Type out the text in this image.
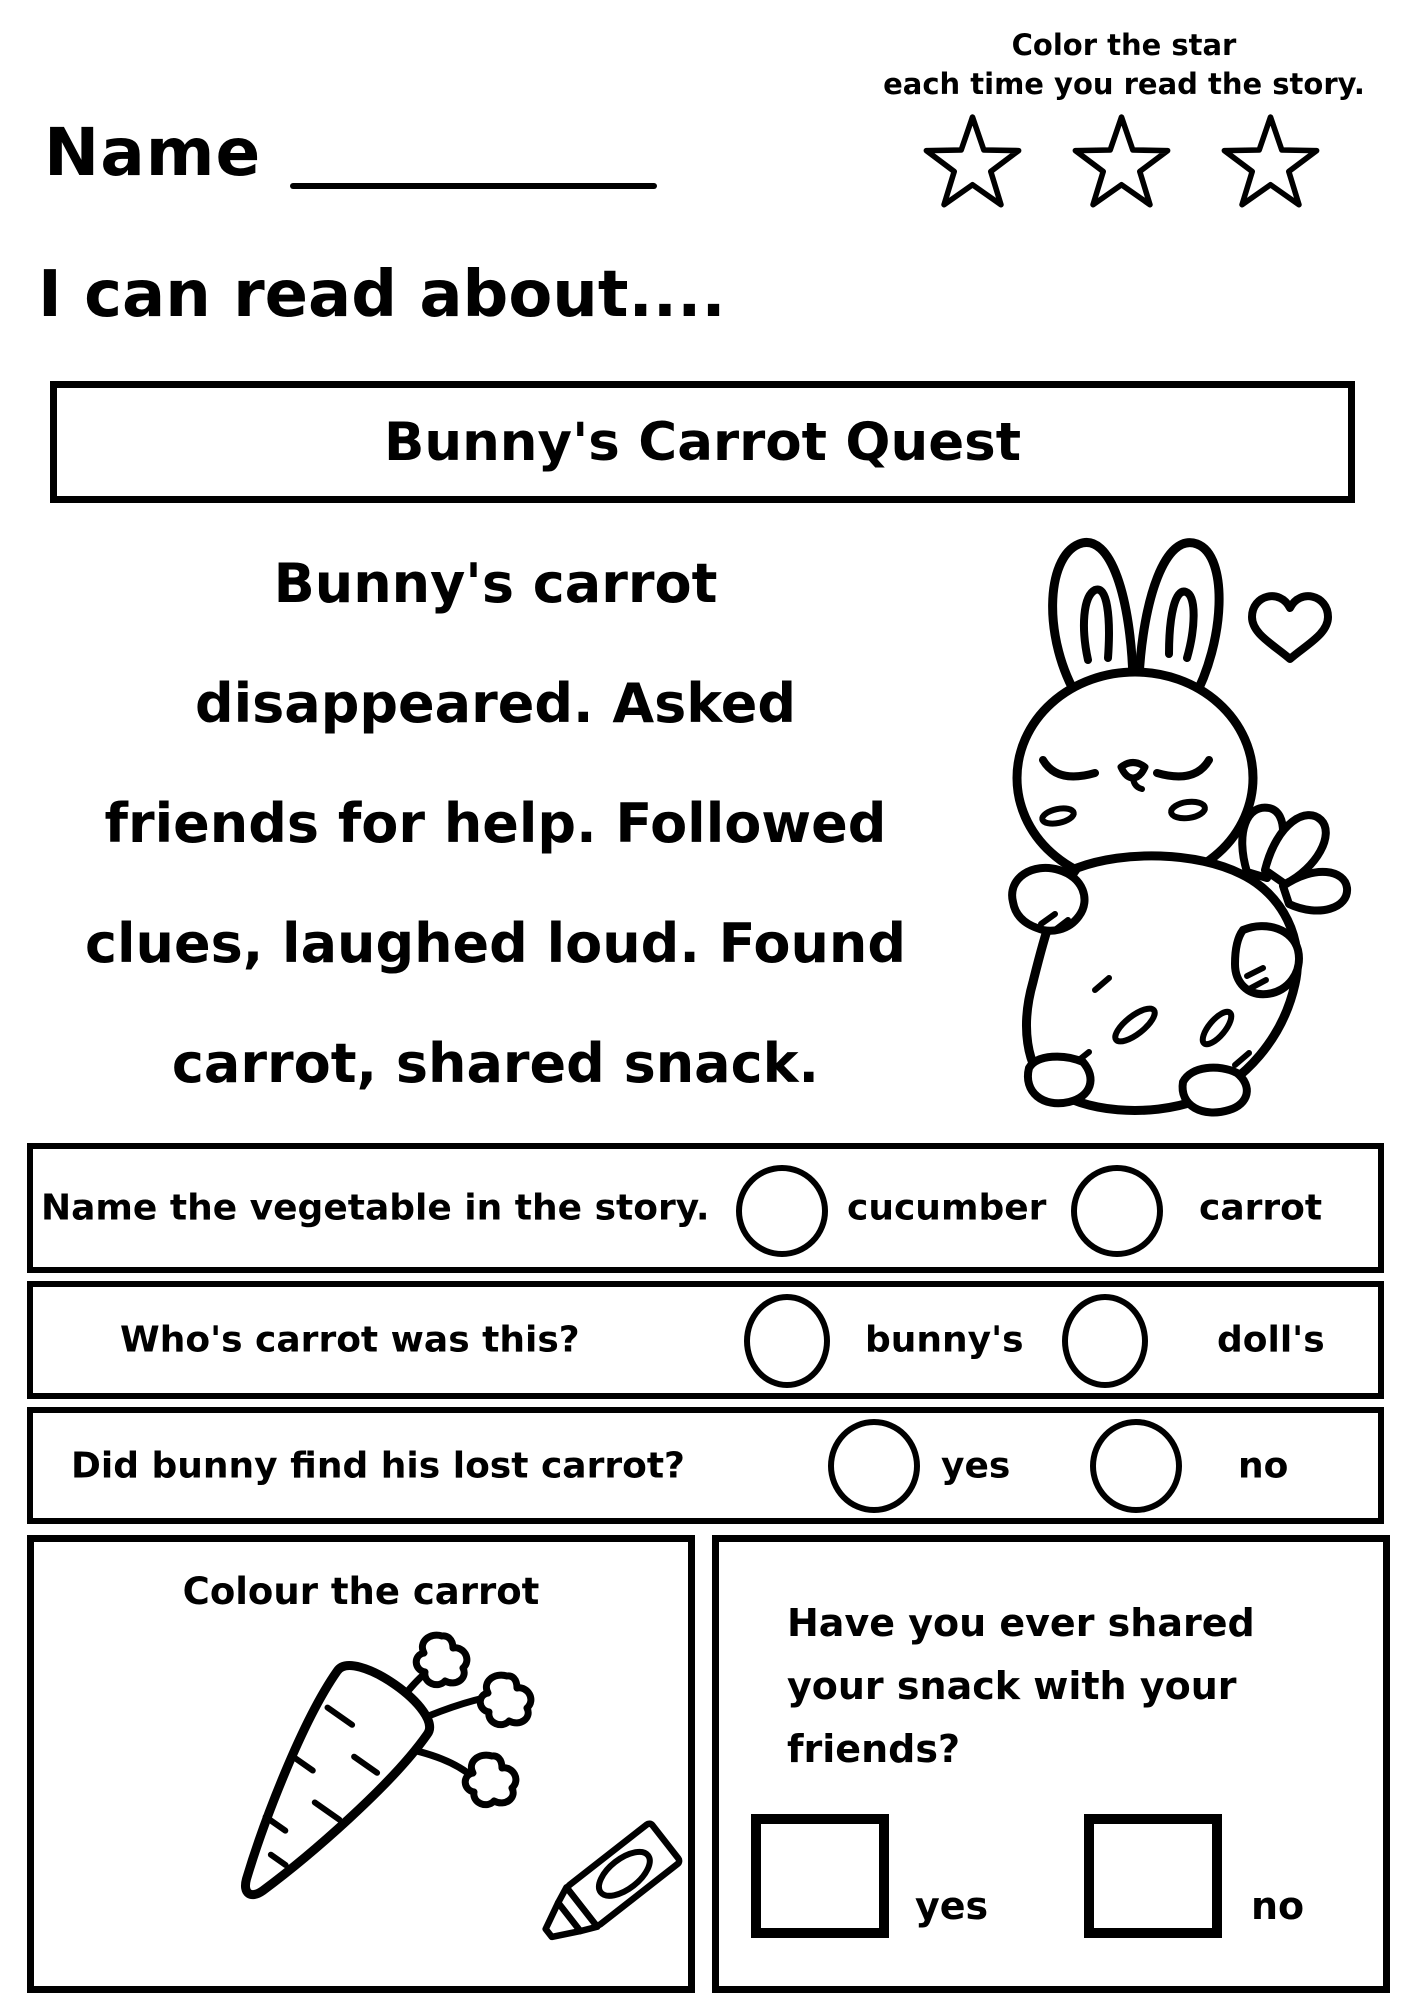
Name
Color the star
each time you read the story.
I can read about....
Bunny's Carrot Quest
Bunny's carrot
disappeared. Asked
friends for help. Followed
clues, laughed loud. Found
carrot, shared snack.
Name the vegetable in the story.	cucumber	carrot
Who's carrot was this?	bunny's	doll's
Did bunny find his lost carrot?	yes	no
Colour the carrot
Have you ever shared
your snack with your
friends?
yes	no
